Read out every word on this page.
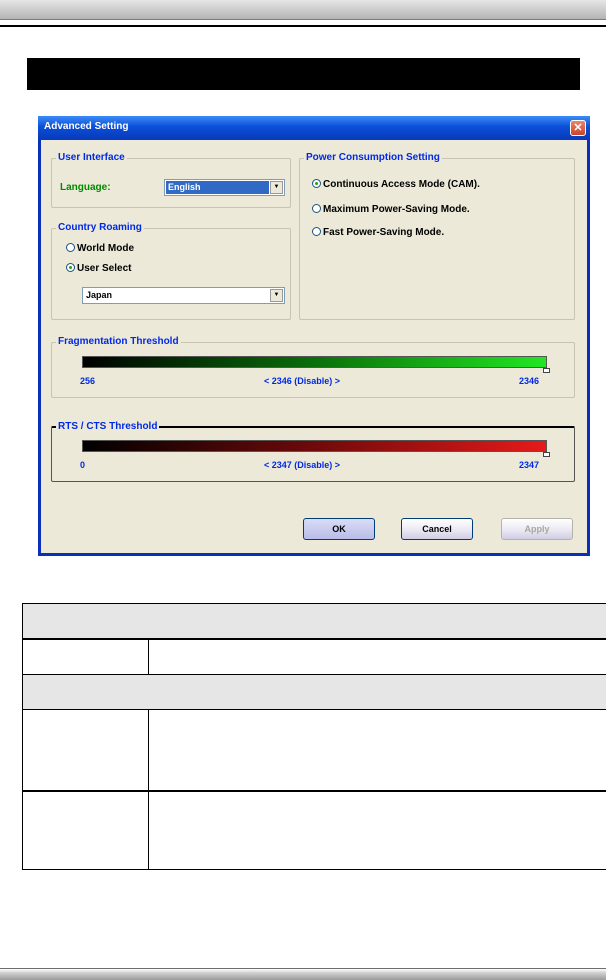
Advanced Setting	✕
User Interface
Language:	English	▼
Country Roaming
World Mode
User Select
Japan	▼
Power Consumption Setting
Continuous Access Mode (CAM).
Maximum Power-Saving Mode.
Fast Power-Saving Mode.
Fragmentation Threshold
256	< 2346 (Disable) >	2346
RTS / CTS Threshold
0	< 2347 (Disable) >	2347
OK	Cancel	Apply
